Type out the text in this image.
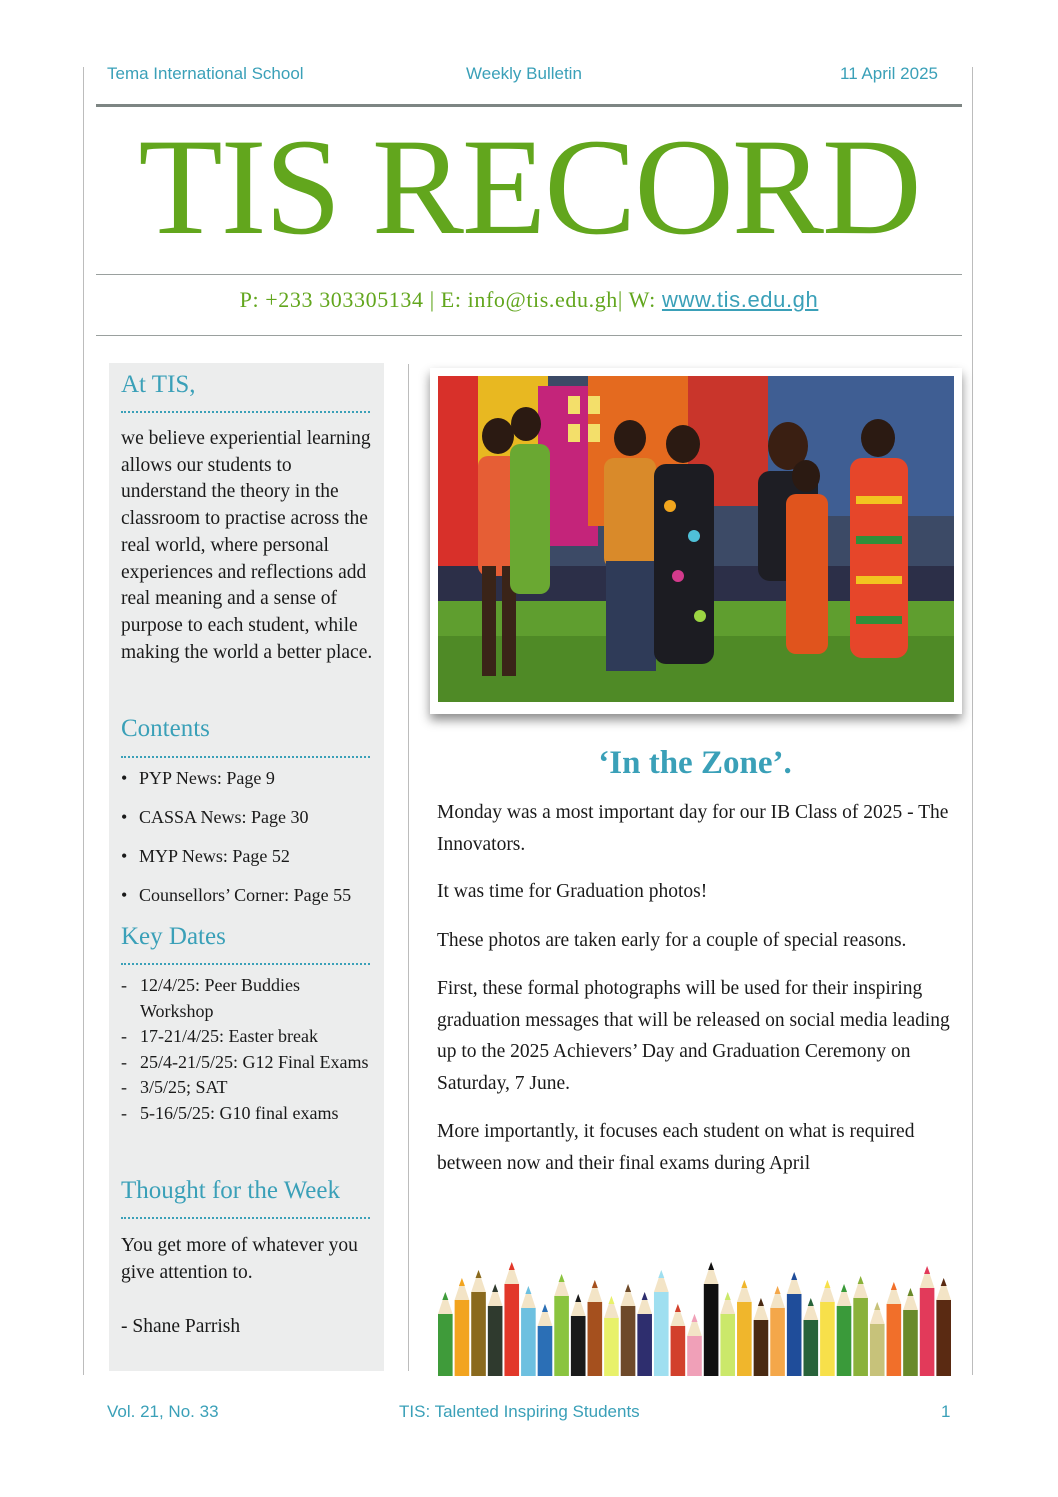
Tema International School	Weekly Bulletin	11 April 2025
TIS RECORD
P: +233 303305134 | E: info@tis.edu.gh| W: www.tis.edu.gh
At TIS,
we believe experiential learning allows our students to understand the theory in the classroom to practise across the real world, where personal experiences and reflections add real meaning and a sense of purpose to each student, while making the world a better place.
Contents
• PYP News: Page 9
• CASSA News: Page 30
• MYP News: Page 52
• Counsellors’ Corner: Page 55
Key Dates
- 12/4/25: Peer Buddies Workshop
- 17-21/4/25: Easter break
- 25/4-21/5/25: G12 Final Exams
- 3/5/25; SAT
- 5-16/5/25: G10 final exams
Thought for the Week
You get more of whatever you give attention to.
- Shane Parrish
‘In the Zone’.
Monday was a most important day for our IB Class of 2025 - The Innovators.
It was time for Graduation photos!
These photos are taken early for a couple of special reasons.
First, these formal photographs will be used for their inspiring graduation messages that will be released on social media leading up to the 2025 Achievers’ Day and Graduation Ceremony on Saturday, 7 June.
More importantly, it focuses each student on what is required between now and their final exams during April
Vol. 21, No. 33	TIS: Talented Inspiring Students	1
